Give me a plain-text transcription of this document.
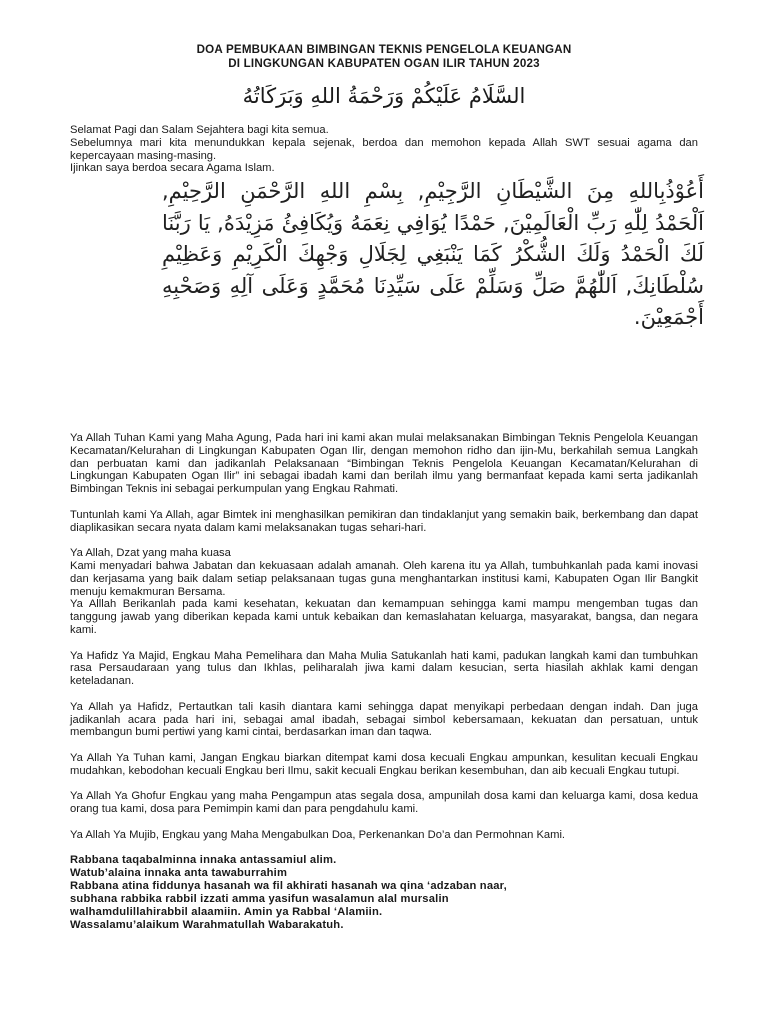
DOA PEMBUKAAN BIMBINGAN TEKNIS PENGELOLA KEUANGAN
DI LINGKUNGAN KABUPATEN OGAN ILIR TAHUN 2023
السَّلَامُ عَلَيْكُمْ وَرَحْمَةُ اللهِ وَبَرَكَاتُهُ

Selamat Pagi dan Salam Sejahtera bagi kita semua.

Sebelumnya mari kita menundukkan kepala sejenak, berdoa dan memohon kepada Allah SWT sesuai agama dan kepercayaan masing-masing.

Ijinkan saya berdoa secara Agama Islam.

أَعُوْذُبِاللهِ مِنَ الشَّيْطَانِ الرَّجِيْمِ, بِسْمِ اللهِ الرَّحْمَنِ الرَّحِيْمِ, اَلْحَمْدُ لِلّٰهِ رَبِّ الْعَالَمِيْنَ, حَمْدًا يُوَافِي نِعَمَهُ وَيُكَافِئُ مَزِيْدَهُ, يَا رَبَّنَا لَكَ الْحَمْدُ وَلَكَ الشُّكْرُ كَمَا يَنْبَغِي لِجَلَالِ وَجْهِكَ الْكَرِيْمِ وَعَظِيْمِ سُلْطَانِكَ, اَللّٰهُمَّ صَلِّ وَسَلِّمْ عَلَى سَيِّدِنَا مُحَمَّدٍ وَعَلَى آلِهِ وَصَحْبِهِ أَجْمَعِيْنَ.

Ya Allah Tuhan Kami yang Maha Agung, Pada hari ini kami akan mulai melaksanakan Bimbingan Teknis Pengelola Keuangan Kecamatan/Kelurahan di Lingkungan Kabupaten Ogan Ilir, dengan memohon ridho dan ijin-Mu, berkahilah semua Langkah dan perbuatan kami dan jadikanlah Pelaksanaan “Bimbingan Teknis Pengelola Keuangan Kecamatan/Kelurahan di Lingkungan Kabupaten Ogan Ilir” ini sebagai ibadah kami dan berilah ilmu yang bermanfaat kepada kami serta jadikanlah Bimbingan Teknis ini sebagai perkumpulan yang Engkau Rahmati.

Tuntunlah kami Ya Allah, agar Bimtek ini menghasilkan pemikiran dan tindaklanjut yang semakin baik, berkembang dan dapat diaplikasikan secara nyata dalam kami melaksanakan tugas sehari-hari.

Ya Allah, Dzat yang maha kuasa

Kami menyadari bahwa Jabatan dan kekuasaan adalah amanah. Oleh karena itu ya Allah, tumbuhkanlah pada kami inovasi dan kerjasama yang baik dalam setiap pelaksanaan tugas guna menghantarkan institusi kami, Kabupaten Ogan Ilir Bangkit menuju kemakmuran Bersama.

Ya Alllah Berikanlah pada kami kesehatan, kekuatan dan kemampuan sehingga kami mampu mengemban tugas dan tanggung jawab yang diberikan kepada kami untuk kebaikan dan kemaslahatan keluarga, masyarakat, bangsa, dan negara kami.

Ya Hafidz Ya Majid, Engkau Maha Pemelihara dan Maha Mulia Satukanlah hati kami, padukan langkah kami dan tumbuhkan rasa Persaudaraan yang tulus dan Ikhlas, peliharalah jiwa kami dalam kesucian, serta hiasilah akhlak kami dengan keteladanan.

Ya Allah ya Hafidz, Pertautkan tali kasih diantara kami sehingga dapat menyikapi perbedaan dengan indah. Dan juga jadikanlah acara pada hari ini, sebagai amal ibadah, sebagai simbol kebersamaan, kekuatan dan persatuan, untuk membangun bumi pertiwi yang kami cintai, berdasarkan iman dan taqwa.

Ya Allah Ya Tuhan kami, Jangan Engkau biarkan ditempat kami dosa kecuali Engkau ampunkan, kesulitan kecuali Engkau mudahkan, kebodohan kecuali Engkau beri Ilmu, sakit kecuali Engkau berikan kesembuhan, dan aib kecuali Engkau tutupi.

Ya Allah Ya Ghofur Engkau yang maha Pengampun atas segala dosa, ampunilah dosa kami dan keluarga kami, dosa kedua orang tua kami, dosa para Pemimpin kami dan para pengdahulu kami.

Ya Allah Ya Mujib, Engkau yang Maha Mengabulkan Doa, Perkenankan Do’a dan Permohnan Kami.

Rabbana taqabalminna innaka antassamiul alim.
Watub’alaina innaka anta tawaburrahim
Rabbana atina fiddunya hasanah wa fil akhirati hasanah wa qina ‘adzaban naar,
subhana rabbika rabbil izzati amma yasifun wasalamun alal mursalin
walhamdulillahirabbil alaamiin. Amin ya Rabbal ‘Alamiin.
Wassalamu’alaikum Warahmatullah Wabarakatuh.
